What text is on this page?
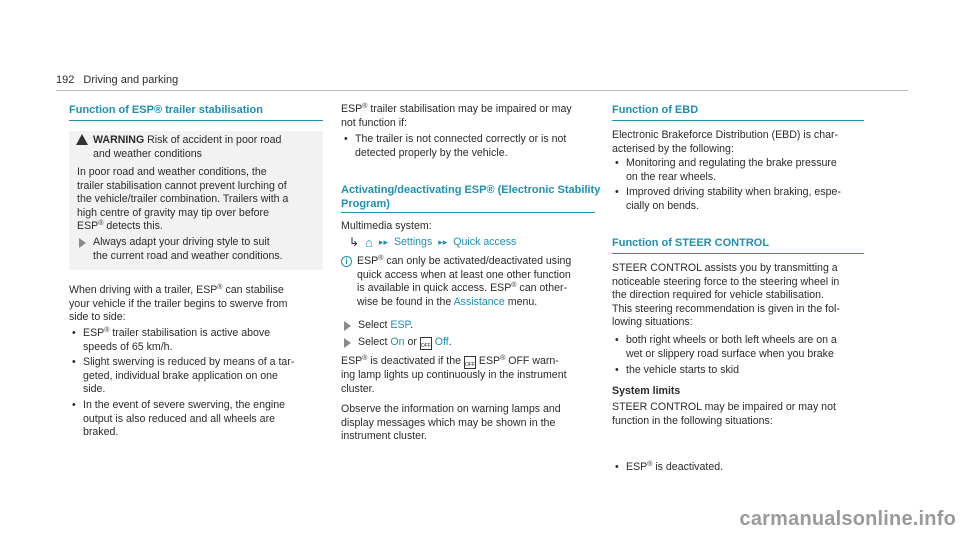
192 Driving and parking
Function of ESP® trailer stabilisation
WARNING Risk of accident in poor road
and weather conditions
In poor road and weather conditions, the
trailer stabilisation cannot prevent lurching of
the vehicle/trailer combination. Trailers with a
high centre of gravity may tip over before
ESP® detects this.
Always adapt your driving style to suit
the current road and weather conditions.
When driving with a trailer, ESP® can stabilise
your vehicle if the trailer begins to swerve from
side to side:
• ESP® trailer stabilisation is active above
speeds of 65 km/h.
• Slight swerving is reduced by means of a tar-
geted, individual brake application on one
side.
• In the event of severe swerving, the engine
output is also reduced and all wheels are
braked.
ESP® trailer stabilisation may be impaired or may
not function if:
• The trailer is not connected correctly or is not
detected properly by the vehicle.
Activating/deactivating ESP® (Electronic Stability
Program)
Multimedia system:
↳ ⌂ ▸▸ Settings ▸▸ Quick access
i ESP® can only be activated/deactivated using
quick access when at least one other function
is available in quick access. ESP® can other-
wise be found in the Assistance menu.
Select ESP.
Select On or OFF Off.
ESP® is deactivated if the OFF ESP® OFF warn-
ing lamp lights up continuously in the instrument
cluster.
Observe the information on warning lamps and
display messages which may be shown in the
instrument cluster.
Function of EBD
Electronic Brakeforce Distribution (EBD) is char-
acterised by the following:
• Monitoring and regulating the brake pressure
on the rear wheels.
• Improved driving stability when braking, espe-
cially on bends.
Function of STEER CONTROL
STEER CONTROL assists you by transmitting a
noticeable steering force to the steering wheel in
the direction required for vehicle stabilisation.
This steering recommendation is given in the fol-
lowing situations:
• both right wheels or both left wheels are on a
wet or slippery road surface when you brake
• the vehicle starts to skid
System limits
STEER CONTROL may be impaired or may not
function in the following situations:
• ESP® is deactivated.
carmanualsonline.info
